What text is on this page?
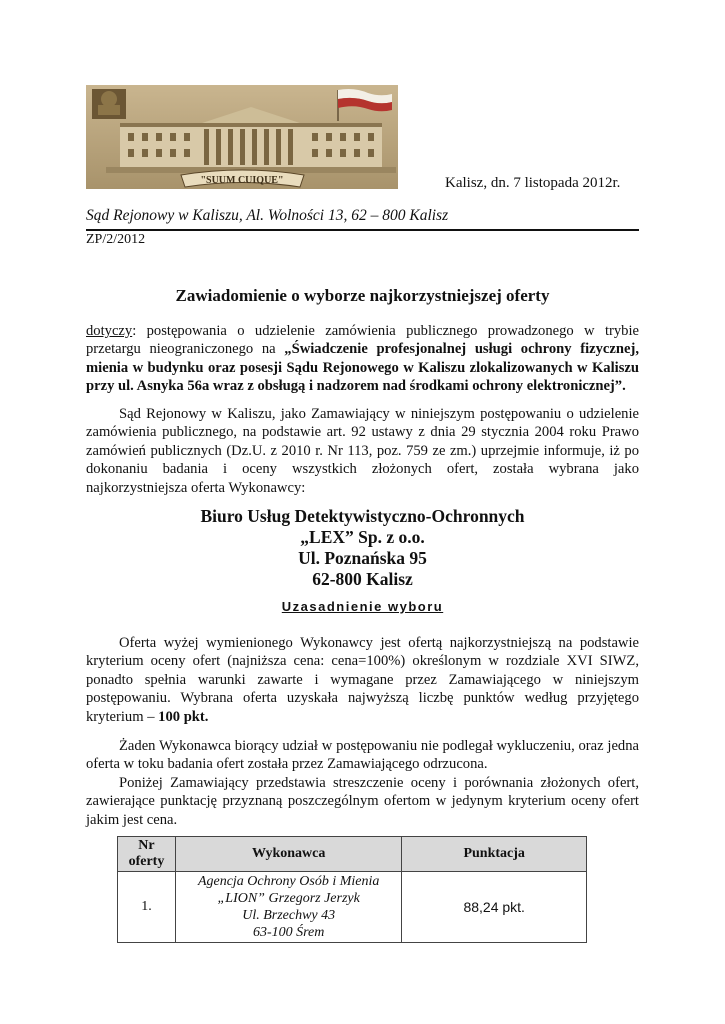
"SUUM CUIQUE"	Kalisz, dn. 7 listopada 2012r.
Sąd Rejonowy w Kaliszu, Al. Wolności 13, 62 – 800 Kalisz
ZP/2/2012
Zawiadomienie o wyborze najkorzystniejszej oferty

dotyczy: postępowania o udzielenie zamówienia publicznego prowadzonego w trybie przetargu nieograniczonego na „Świadczenie profesjonalnej usługi ochrony fizycznej, mienia w budynku oraz posesji Sądu Rejonowego w Kaliszu zlokalizowanych w Kaliszu przy ul. Asnyka 56a wraz z obsługą i nadzorem nad środkami ochrony elektronicznej”.

Sąd Rejonowy w Kaliszu, jako Zamawiający w niniejszym postępowaniu o udzielenie zamówienia publicznego, na podstawie art. 92 ustawy z dnia 29 stycznia 2004 roku Prawo zamówień publicznych (Dz.U. z 2010 r. Nr 113, poz. 759 ze zm.) uprzejmie informuje, iż po dokonaniu badania i oceny wszystkich złożonych ofert, została wybrana jako najkorzystniejsza oferta Wykonawcy:

Biuro Usług Detektywistyczno-Ochronnych
„LEX” Sp. z o.o.
Ul. Poznańska 95
62-800 Kalisz
Uzasadnienie wyboru

Oferta wyżej wymienionego Wykonawcy jest ofertą najkorzystniejszą na podstawie kryterium oceny ofert (najniższa cena: cena=100%) określonym w rozdziale XVI SIWZ, ponadto spełnia warunki zawarte i wymagane przez Zamawiającego w niniejszym postępowaniu. Wybrana oferta uzyskała najwyższą liczbę punktów według przyjętego kryterium – 100 pkt.

Żaden Wykonawca biorący udział w postępowaniu nie podlegał wykluczeniu, oraz jedna oferta w toku badania ofert została przez Zamawiającego odrzucona.

Poniżej Zamawiający przedstawia streszczenie oceny i porównania złożonych ofert, zawierające punktację przyznaną poszczególnym ofertom w jedynym kryterium oceny ofert jakim jest cena.

Nr
oferty	Wykonawca	Punktacja
1.	Agencja Ochrony Osób i Mienia
„LION” Grzegorz Jerzyk
Ul. Brzechwy 43
63-100 Śrem	88,24 pkt.
